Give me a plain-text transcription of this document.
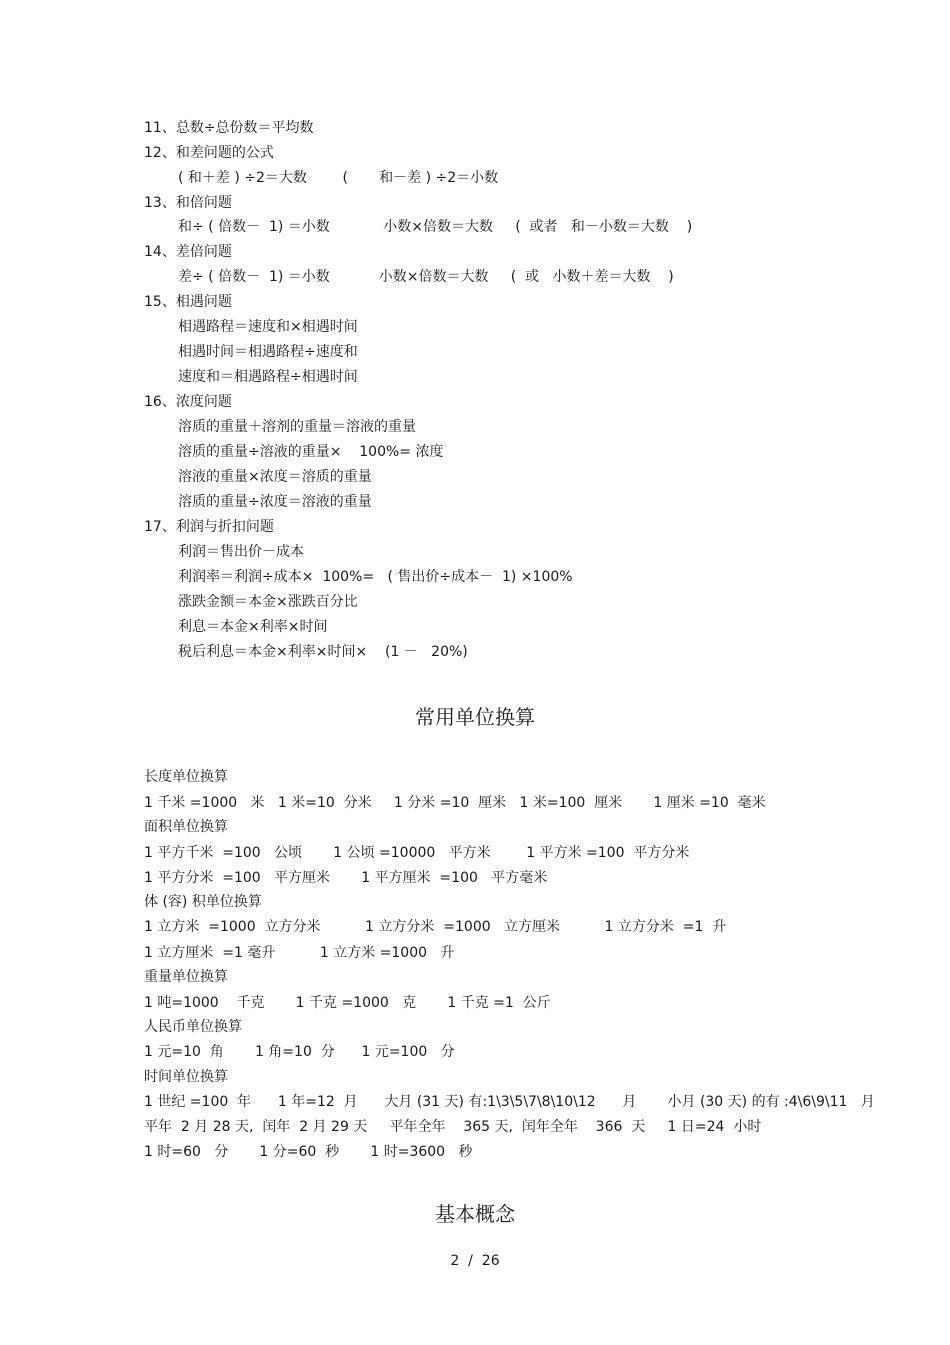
11、总数÷总份数＝平均数
12、和差问题的公式
( 和＋差 ) ÷2＝大数        (       和－差 ) ÷2＝小数
13、和倍问题
和÷ ( 倍数－  1) ＝小数            小数×倍数＝大数     (  或者   和－小数＝大数    )
14、差倍问题
差÷ ( 倍数－  1) ＝小数           小数×倍数＝大数     (  或   小数＋差＝大数    )
15、相遇问题
相遇路程＝速度和×相遇时间
相遇时间＝相遇路程÷速度和
速度和＝相遇路程÷相遇时间
16、浓度问题
溶质的重量＋溶剂的重量＝溶液的重量
溶质的重量÷溶液的重量×    100%= 浓度
溶液的重量×浓度＝溶质的重量
溶质的重量÷浓度＝溶液的重量
17、利润与折扣问题
利润＝售出价－成本
利润率＝利润÷成本×  100%=   ( 售出价÷成本－  1) ×100%
涨跌金额＝本金×涨跌百分比
利息＝本金×利率×时间
税后利息＝本金×利率×时间×    (1 －   20%)
常用单位换算
长度单位换算
1 千米 =1000   米   1 米=10  分米     1 分米 =10  厘米   1 米=100  厘米       1 厘米 =10  毫米
面积单位换算
1 平方千米  =100   公顷       1 公顷 =10000   平方米        1 平方米 =100  平方分米
1 平方分米  =100   平方厘米       1 平方厘米  =100   平方毫米
体 (容) 积单位换算
1 立方米  =1000  立方分米          1 立方分米  =1000   立方厘米          1 立方分米  =1  升
1 立方厘米  =1 毫升          1 立方米 =1000   升
重量单位换算
1 吨=1000    千克       1 千克 =1000   克       1 千克 =1  公斤
人民币单位换算
1 元=10  角       1 角=10  分      1 元=100   分
时间单位换算
1 世纪 =100  年      1 年=12  月      大月 (31 天) 有:1\3\5\7\8\10\12      月       小月 (30 天) 的有 :4\6\9\11   月
平年  2 月 28 天,  闰年  2 月 29 天     平年全年    365 天,  闰年全年    366  天     1 日=24  小时
1 时=60   分       1 分=60  秒       1 时=3600   秒
基本概念
2  /  26
